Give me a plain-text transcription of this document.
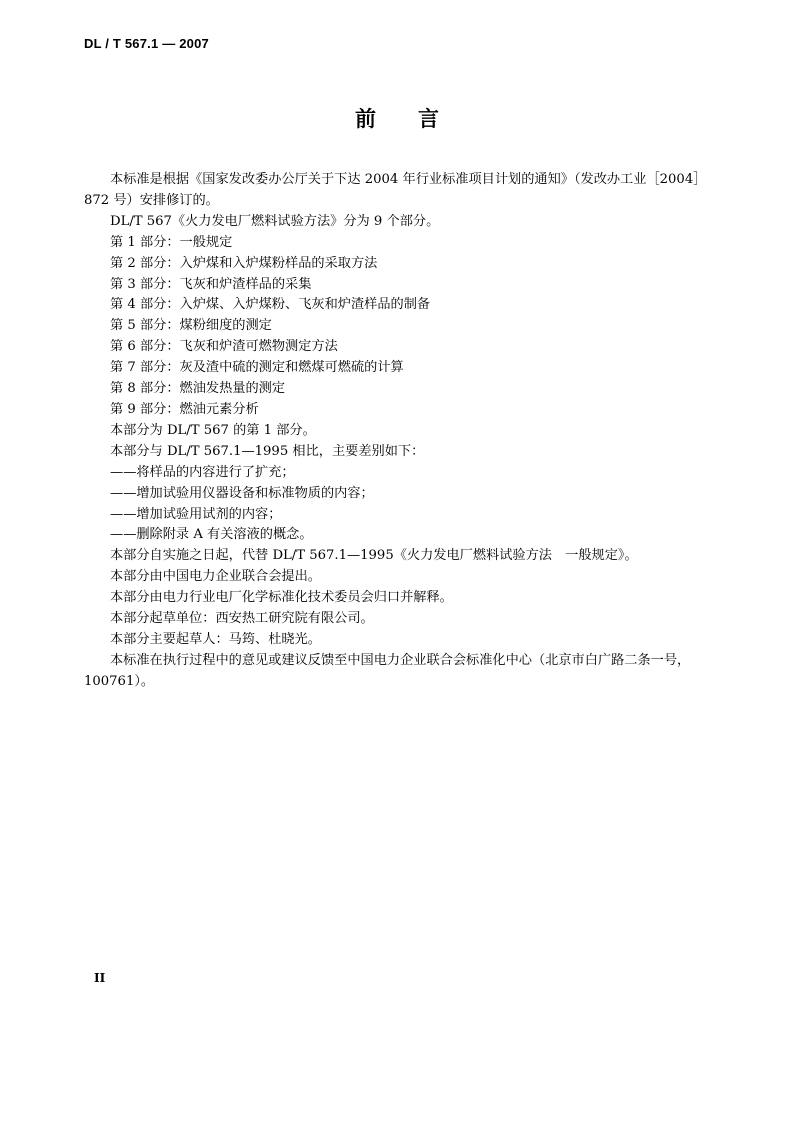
DL / T 567.1 — 2007
前 言

本标准是根据《国家发改委办公厅关于下达 2004 年行业标准项目计划的通知》（发改办工业［2004］872 号）安排修订的。

DL/T 567《火力发电厂燃料试验方法》分为 9 个部分。

第 1 部分：一般规定

第 2 部分：入炉煤和入炉煤粉样品的采取方法

第 3 部分：飞灰和炉渣样品的采集

第 4 部分：入炉煤、入炉煤粉、飞灰和炉渣样品的制备

第 5 部分：煤粉细度的测定

第 6 部分：飞灰和炉渣可燃物测定方法

第 7 部分：灰及渣中硫的测定和燃煤可燃硫的计算

第 8 部分：燃油发热量的测定

第 9 部分：燃油元素分析

本部分为 DL/T 567 的第 1 部分。

本部分与 DL/T 567.1—1995 相比，主要差别如下：

——将样品的内容进行了扩充；

——增加试验用仪器设备和标准物质的内容；

——增加试验用试剂的内容；

——删除附录 A 有关溶液的概念。

本部分自实施之日起，代替 DL/T 567.1—1995《火力发电厂燃料试验方法　一般规定》。

本部分由中国电力企业联合会提出。

本部分由电力行业电厂化学标准化技术委员会归口并解释。

本部分起草单位：西安热工研究院有限公司。

本部分主要起草人：马筠、杜晓光。

本标准在执行过程中的意见或建议反馈至中国电力企业联合会标准化中心（北京市白广路二条一号，100761）。

II
